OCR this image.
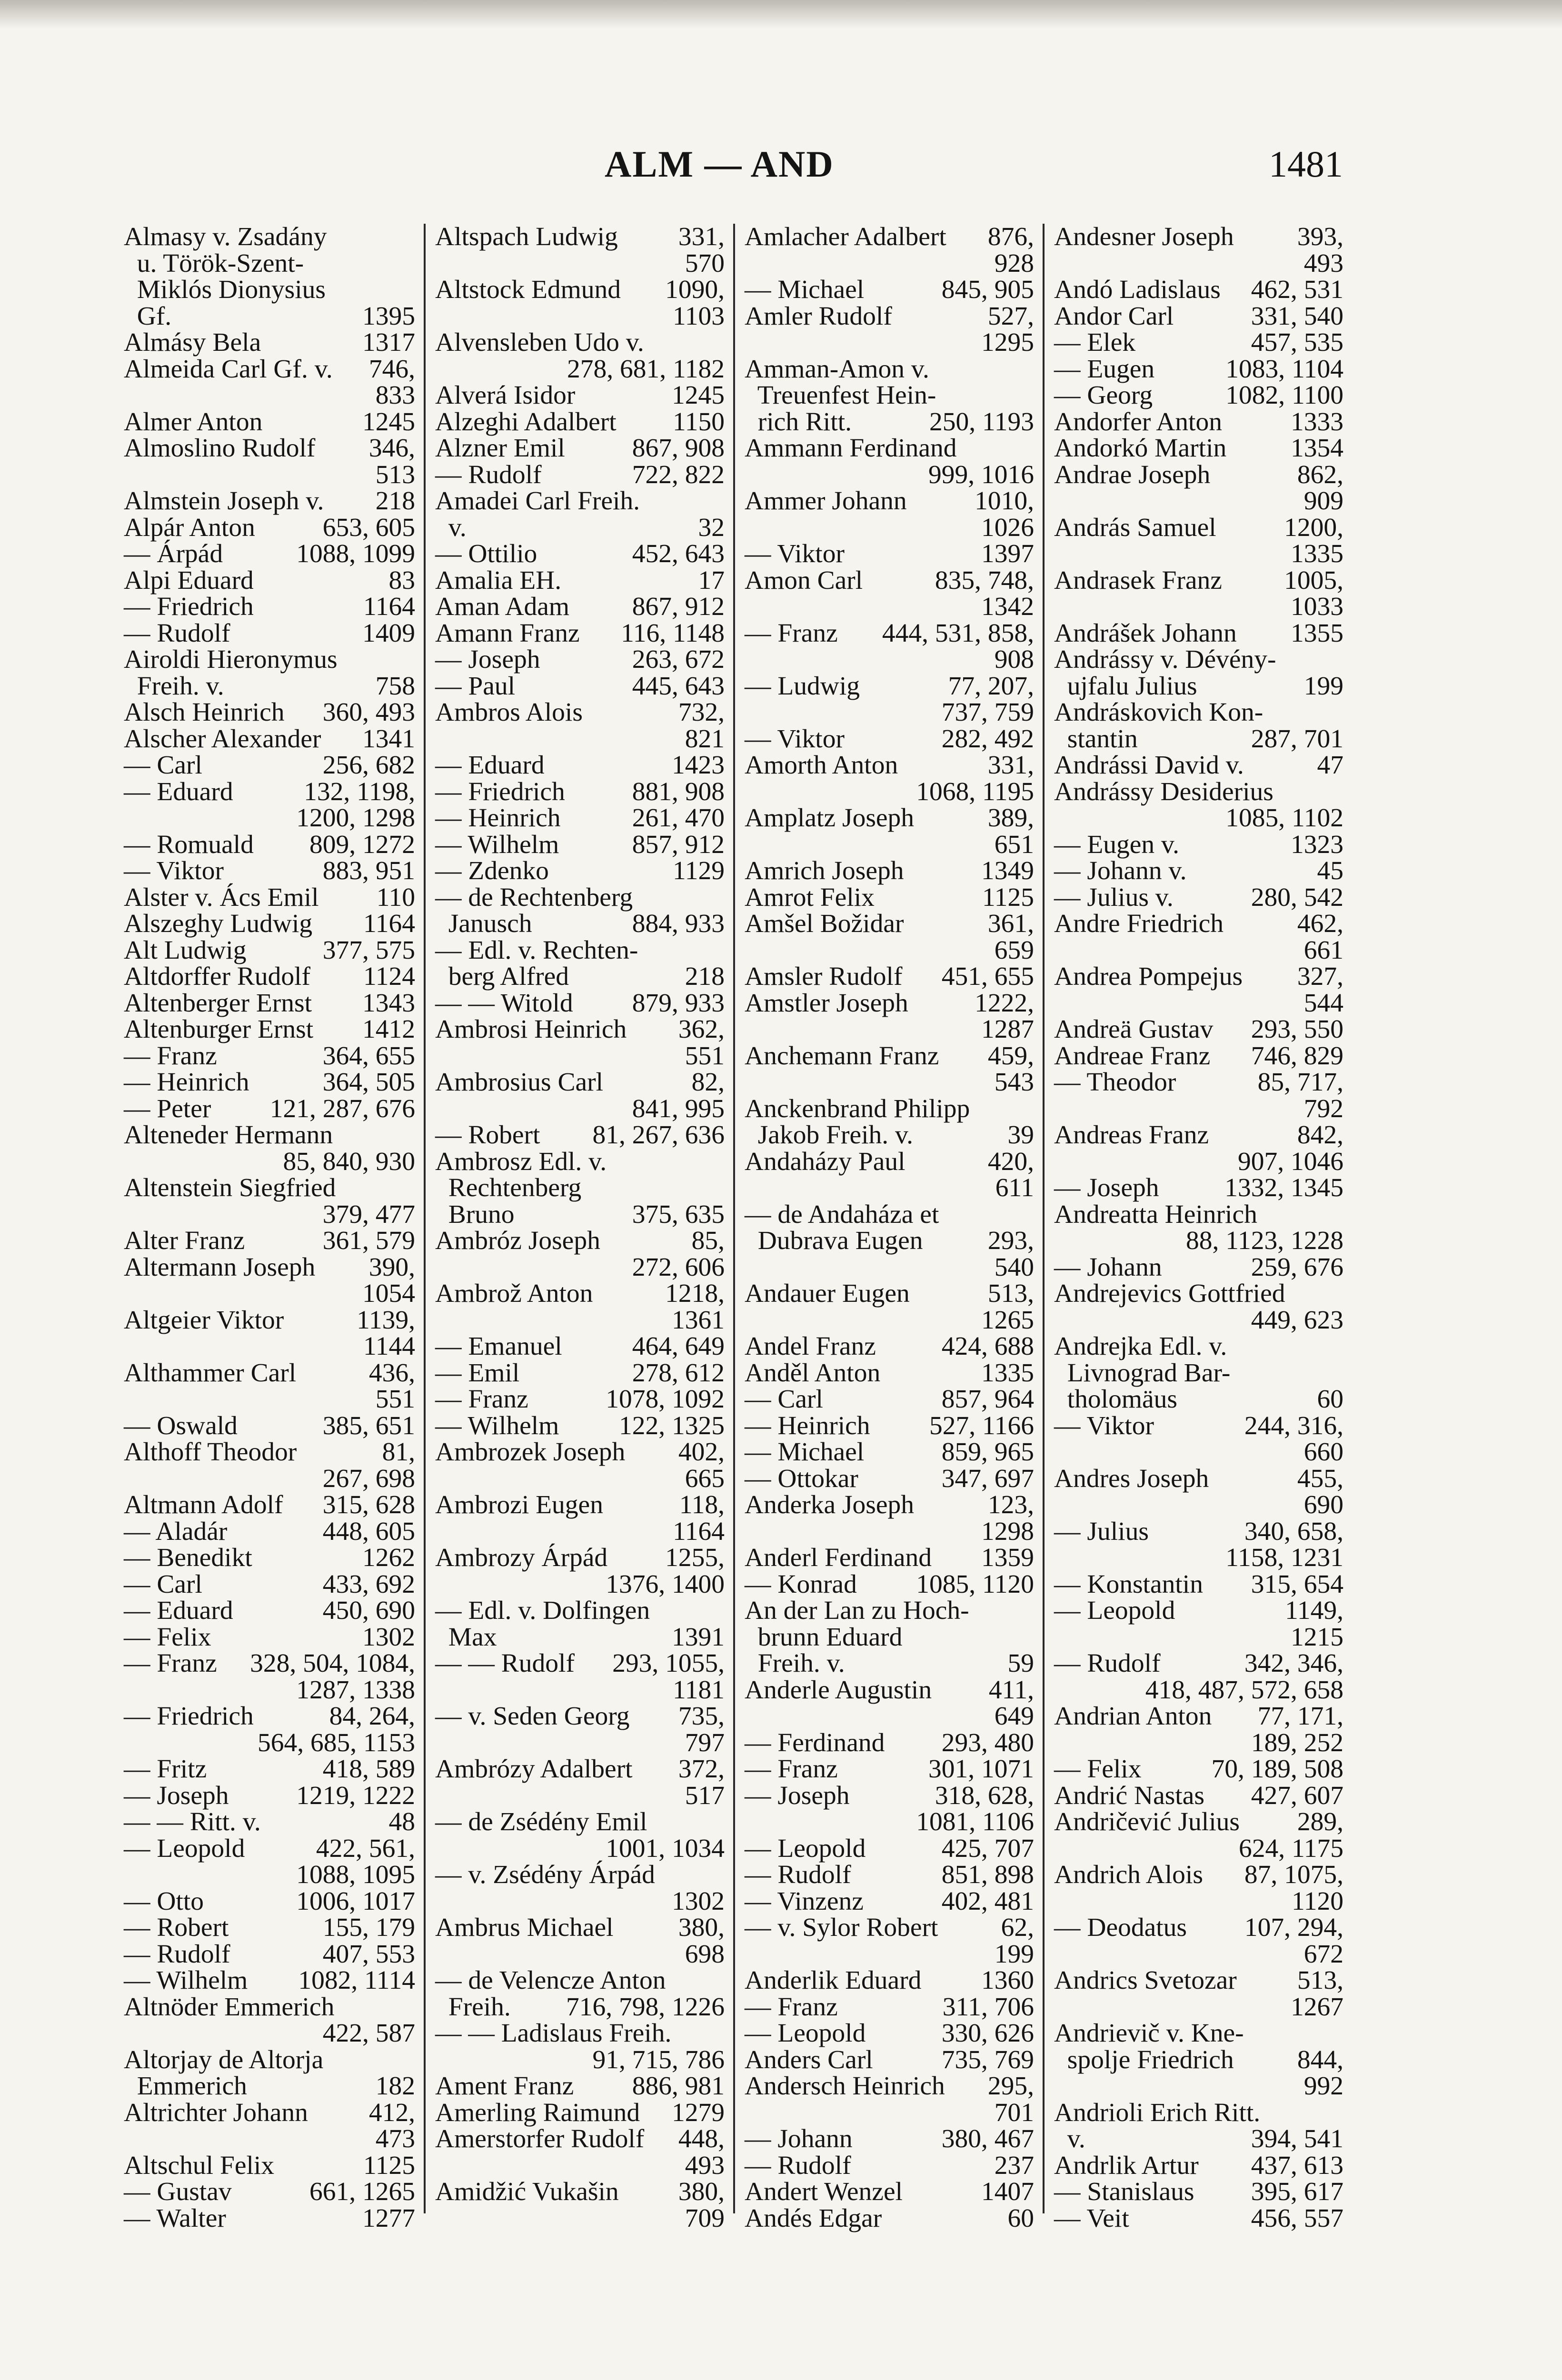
ALM — AND	1481
Almasy v. Zsadány
u. Török-Szent-
Miklós Dionysius
Gf.	1395
Almásy Bela	1317
Almeida Carl Gf. v. 746,
833
Almer Anton	1245
Almoslino Rudolf 346,
513
Almstein Joseph v. 218
Alpár Anton	653, 605
— Árpád	1088, 1099
Alpi Eduard	83
— Friedrich	1164
— Rudolf	1409
Airoldi Hieronymus
Freih. v.	758
Alsch Heinrich 360, 493
Alscher Alexander 1341
— Carl	256, 682
— Eduard	132, 1198,
1200, 1298
— Romuald 809, 1272
— Viktor	883, 951
Alster v. Ács Emil 110
Alszeghy Ludwig 1164
Alt Ludwig	377, 575
Altdorffer Rudolf 1124
Altenberger Ernst 1343
Altenburger Ernst 1412
— Franz	364, 655
— Heinrich	364, 505
— Peter 121, 287, 676
Alteneder Hermann
85, 840, 930
Altenstein Siegfried
379, 477
Alter Franz	361, 579
Altermann Joseph 390,
1054
Altgeier Viktor	1139,
1144
Althammer Carl	436,
551
— Oswald	385, 651
Althoff Theodor	81,
267, 698
Altmann Adolf 315, 628
— Aladár	448, 605
— Benedikt	1262
— Carl	433, 692
— Eduard	450, 690
— Felix	1302
— Franz 328, 504, 1084,
1287, 1338
— Friedrich	84, 264,
564, 685, 1153
— Fritz	418, 589
— Joseph	1219, 1222
— — Ritt. v.	48
— Leopold	422, 561,
1088, 1095
— Otto	1006, 1017
— Robert	155, 179
— Rudolf	407, 553
— Wilhelm 1082, 1114
Altnöder Emmerich
422, 587
Altorjay de Altorja
Emmerich	182
Altrichter Johann 412,
473
Altschul Felix	1125
— Gustav	661, 1265
— Walter	1277
Altspach Ludwig 331,
570
Altstock Edmund 1090,
1103
Alvensleben Udo v.
278, 681, 1182
Alverá Isidor	1245
Alzeghi Adalbert 1150
Alzner Emil	867, 908
— Rudolf	722, 822
Amadei Carl Freih.
v.	32
— Ottilio	452, 643
Amalia EH.	17
Aman Adam 867, 912
Amann Franz 116, 1148
— Joseph	263, 672
— Paul	445, 643
Ambros Alois	732,
821
— Eduard	1423
— Friedrich	881, 908
— Heinrich	261, 470
— Wilhelm	857, 912
— Zdenko	1129
— de Rechtenberg
Janusch	884, 933
— Edl. v. Rechten-
berg Alfred	218
— — Witold 879, 933
Ambrosi Heinrich 362,
551
Ambrosius Carl	82,
841, 995
— Robert 81, 267, 636
Ambrosz Edl. v.
Rechtenberg
Bruno	375, 635
Ambróz Joseph	85,
272, 606
Ambrož Anton	1218,
1361
— Emanuel	464, 649
— Emil	278, 612
— Franz	1078, 1092
— Wilhelm 122, 1325
Ambrozek Joseph 402,
665
Ambrozi Eugen	118,
1164
Ambrozy Árpád 1255,
1376, 1400
— Edl. v. Dolfingen
Max	1391
— — Rudolf 293, 1055,
1181
— v. Seden Georg 735,
797
Ambrózy Adalbert 372,
517
— de Zsédény Emil
1001, 1034
— v. Zsédény Árpád
1302
Ambrus Michael 380,
698
— de Velencze Anton
Freih. 716, 798, 1226
— — Ladislaus Freih.
91, 715, 786
Ament Franz 886, 981
Amerling Raimund 1279
Amerstorfer Rudolf 448,
493
Amidžić Vukašin 380,
709
Amlacher Adalbert 876,
928
— Michael	845, 905
Amler Rudolf	527,
1295
Amman-Amon v.
Treuenfest Hein-
rich Ritt.	250, 1193
Ammann Ferdinand
999, 1016
Ammer Johann	1010,
1026
— Viktor	1397
Amon Carl	835, 748,
1342
— Franz 444, 531, 858,
908
— Ludwig	77, 207,
737, 759
— Viktor	282, 492
Amorth Anton	331,
1068, 1195
Amplatz Joseph	389,
651
Amrich Joseph	1349
Amrot Felix	1125
Amšel Božidar	361,
659
Amsler Rudolf 451, 655
Amstler Joseph	1222,
1287
Anchemann Franz 459,
543
Anckenbrand Philipp
Jakob Freih. v.	39
Andaházy Paul	420,
611
— de Andaháza et
Dubrava Eugen 293,
540
Andauer Eugen	513,
1265
Andel Franz 424, 688
Anděl Anton	1335
— Carl	857, 964
— Heinrich 527, 1166
— Michael	859, 965
— Ottokar	347, 697
Anderka Joseph	123,
1298
Anderl Ferdinand 1359
— Konrad 1085, 1120
An der Lan zu Hoch-
brunn Eduard
Freih. v.	59
Anderle Augustin 411,
649
— Ferdinand 293, 480
— Franz	301, 1071
— Joseph	318, 628,
1081, 1106
— Leopold	425, 707
— Rudolf	851, 898
— Vinzenz	402, 481
— v. Sylor Robert 62,
199
Anderlik Eduard 1360
— Franz	311, 706
— Leopold	330, 626
Anders Carl	735, 769
Andersch Heinrich 295,
701
— Johann	380, 467
— Rudolf	237
Andert Wenzel	1407
Andés Edgar	60
Andesner Joseph 393,
493
Andó Ladislaus 462, 531
Andor Carl	331, 540
— Elek	457, 535
— Eugen	1083, 1104
— Georg	1082, 1100
Andorfer Anton	1333
Andorkó Martin 1354
Andrae Joseph	862,
909
András Samuel	1200,
1335
Andrasek Franz 1005,
1033
Andrášek Johann 1355
Andrássy v. Dévény-
ujfalu Julius	199
Andráskovich Kon-
stantin	287, 701
Andrássi David v.	47
Andrássy Desiderius
1085, 1102
— Eugen v.	1323
— Johann v.	45
— Julius v.	280, 542
Andre Friedrich	462,
661
Andrea Pompejus 327,
544
Andreä Gustav 293, 550
Andreae Franz 746, 829
— Theodor	85, 717,
792
Andreas Franz	842,
907, 1046
— Joseph 1332, 1345
Andreatta Heinrich
88, 1123, 1228
— Johann	259, 676
Andrejevics Gottfried
449, 623
Andrejka Edl. v.
Livnograd Bar-
tholomäus	60
— Viktor	244, 316,
660
Andres Joseph	455,
690
— Julius	340, 658,
1158, 1231
— Konstantin 315, 654
— Leopold	1149,
1215
— Rudolf	342, 346,
418, 487, 572, 658
Andrian Anton 77, 171,
189, 252
— Felix	70, 189, 508
Andrić Nastas 427, 607
Andričević Julius 289,
624, 1175
Andrich Alois 87, 1075,
1120
— Deodatus 107, 294,
672
Andrics Svetozar 513,
1267
Andrievič v. Kne-
spolje Friedrich 844,
992
Andrioli Erich Ritt.
v.	394, 541
Andrlik Artur 437, 613
— Stanislaus 395, 617
— Veit	456, 557
